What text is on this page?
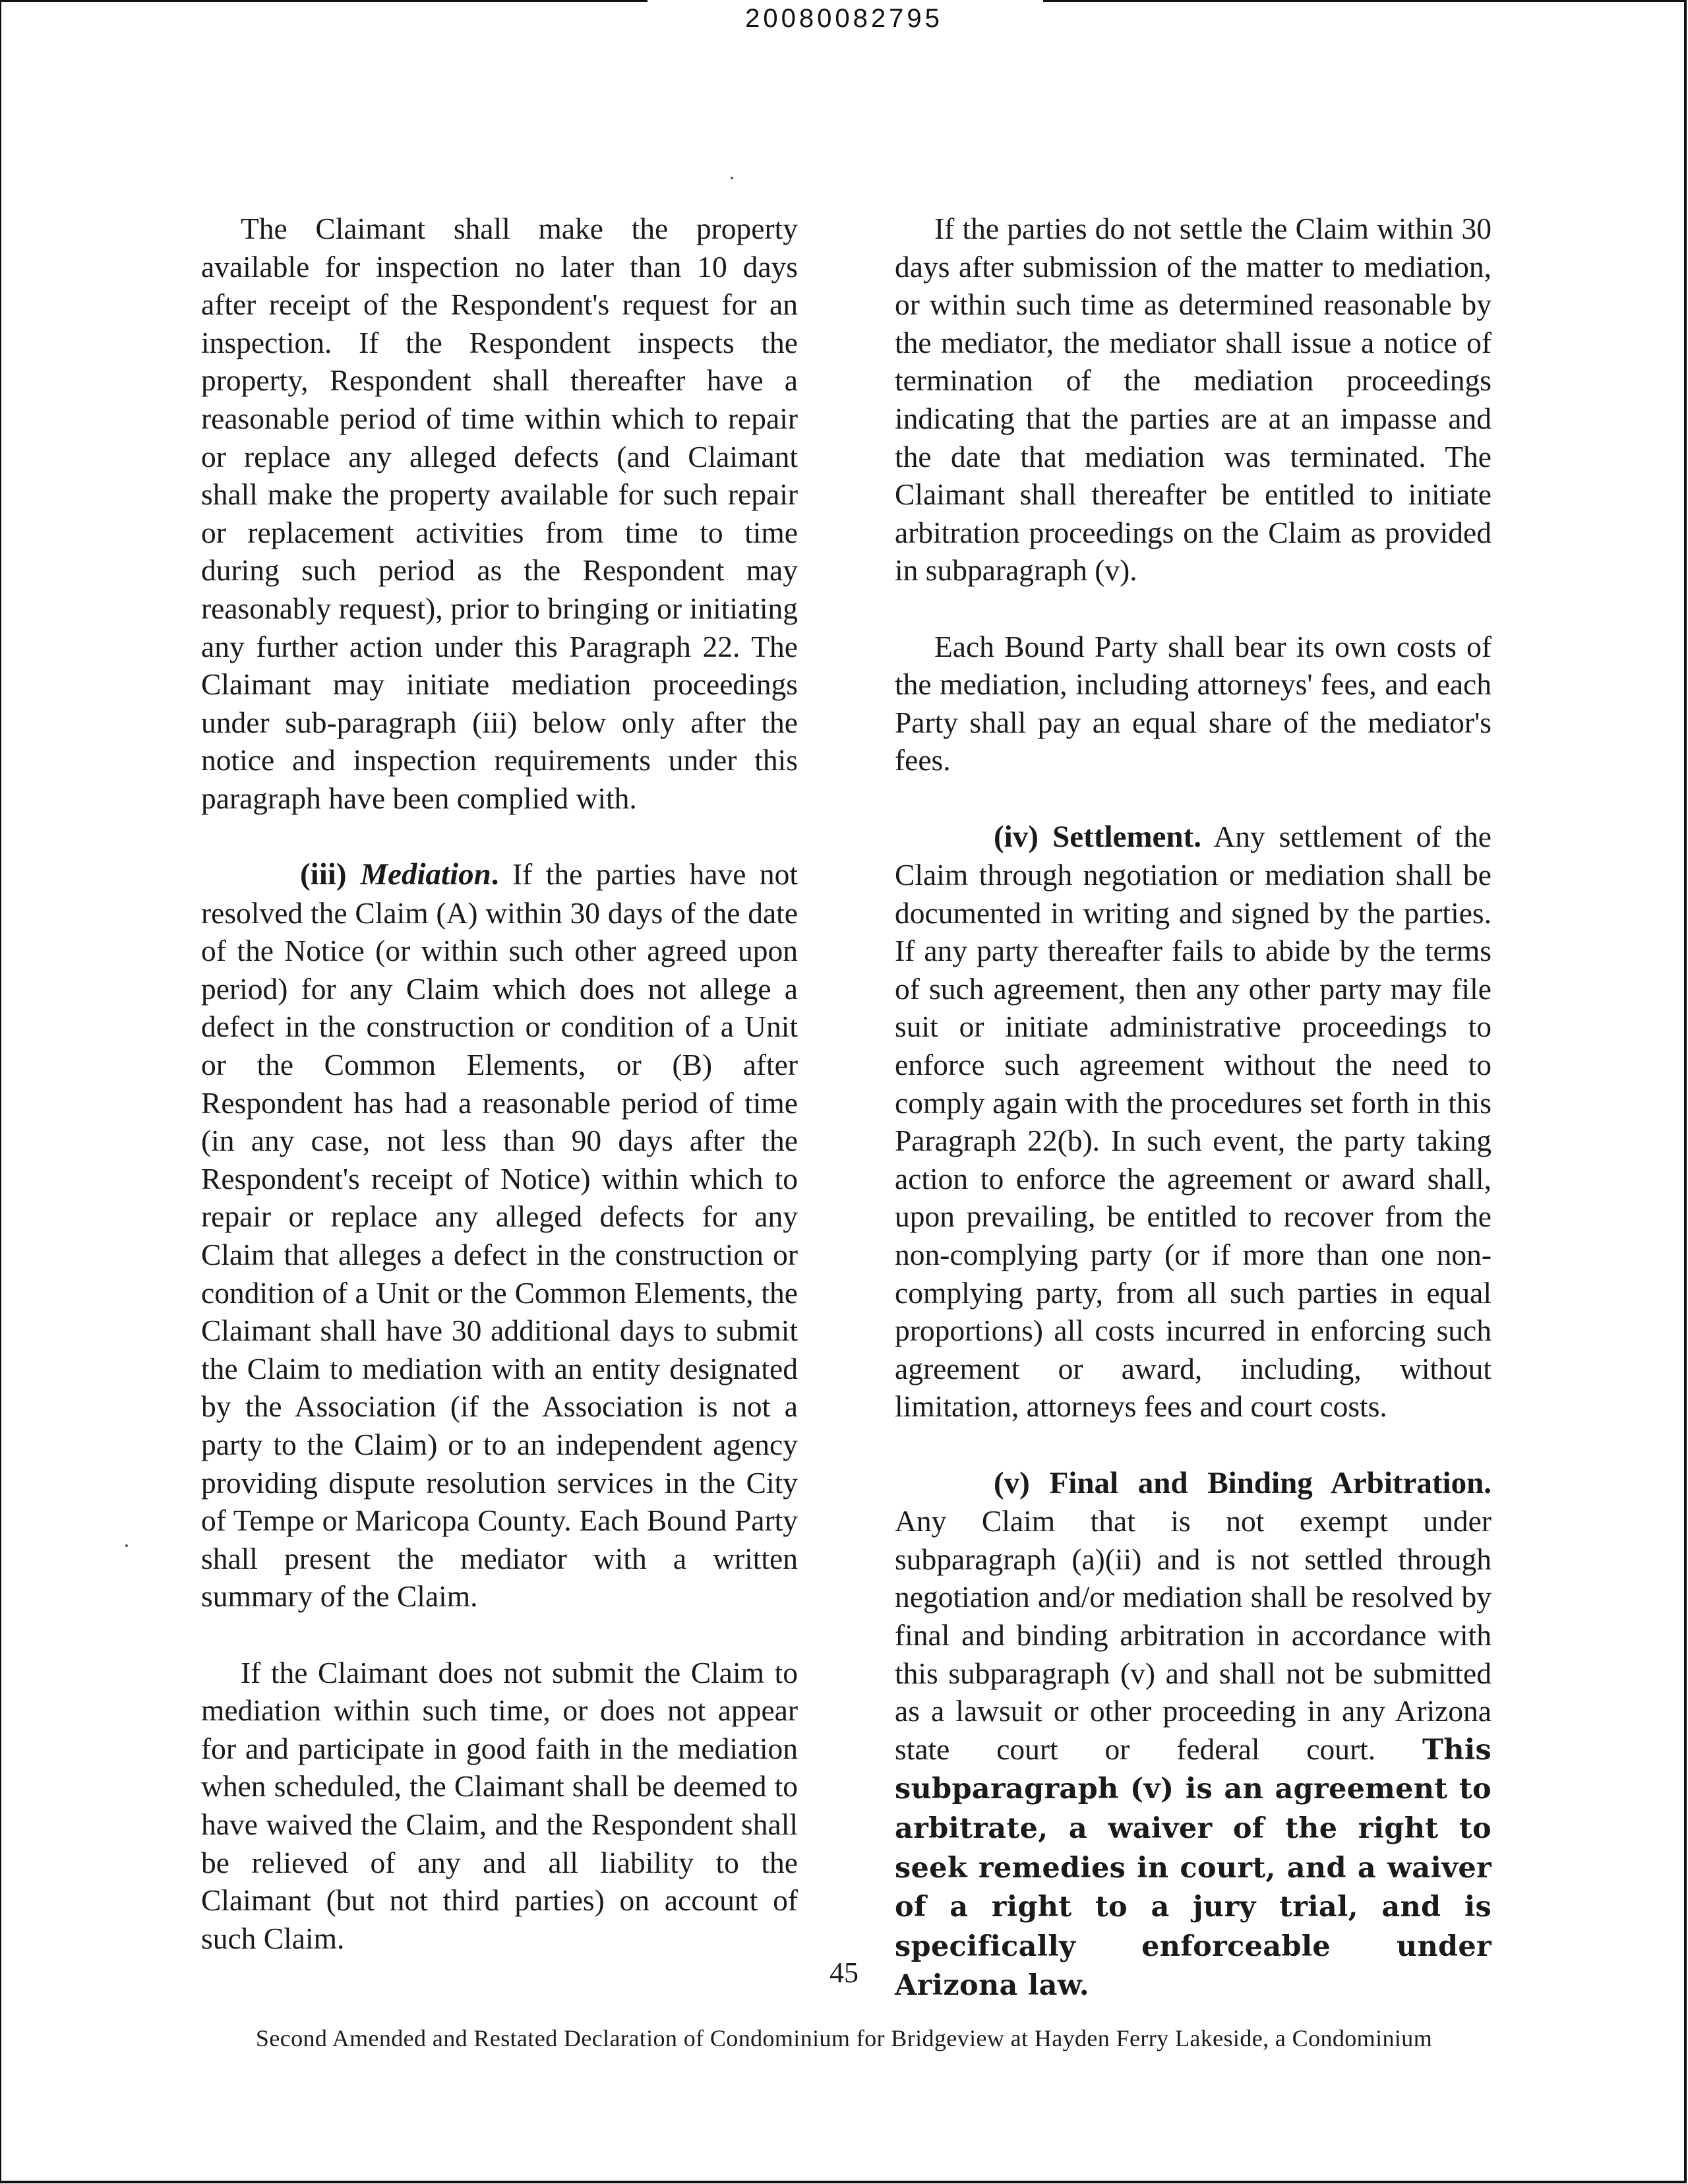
20080082795

The Claimant shall make the property available for inspection no later than 10 days after receipt of the Respondent's request for an inspection. If the Respondent inspects the property, Respondent shall thereafter have a reasonable period of time within which to repair or replace any alleged defects (and Claimant shall make the property available for such repair or replacement activities from time to time during such period as the Respondent may reasonably request), prior to bringing or initiating any further action under this Paragraph 22. The Claimant may initiate mediation proceedings under sub-paragraph (iii) below only after the notice and inspection requirements under this paragraph have been complied with.

(iii) Mediation. If the parties have not resolved the Claim (A) within 30 days of the date of the Notice (or within such other agreed upon period) for any Claim which does not allege a defect in the construction or condition of a Unit or the Common Elements, or (B) after Respondent has had a reasonable period of time (in any case, not less than 90 days after the Respondent's receipt of Notice) within which to repair or replace any alleged defects for any Claim that alleges a defect in the construction or condition of a Unit or the Common Elements, the Claimant shall have 30 additional days to submit the Claim to mediation with an entity designated by the Association (if the Association is not a party to the Claim) or to an independent agency providing dispute resolution services in the City of Tempe or Maricopa County. Each Bound Party shall present the mediator with a written summary of the Claim.

If the Claimant does not submit the Claim to mediation within such time, or does not appear for and participate in good faith in the mediation when scheduled, the Claimant shall be deemed to have waived the Claim, and the Respondent shall be relieved of any and all liability to the Claimant (but not third parties) on account of such Claim.

If the parties do not settle the Claim within 30 days after submission of the matter to mediation, or within such time as determined reasonable by the mediator, the mediator shall issue a notice of termination of the mediation proceedings indicating that the parties are at an impasse and the date that mediation was terminated. The Claimant shall thereafter be entitled to initiate arbitration proceedings on the Claim as provided in subparagraph (v).

Each Bound Party shall bear its own costs of the mediation, including attorneys' fees, and each Party shall pay an equal share of the mediator's fees.

(iv) Settlement. Any settlement of the Claim through negotiation or mediation shall be documented in writing and signed by the parties. If any party thereafter fails to abide by the terms of such agreement, then any other party may file suit or initiate administrative proceedings to enforce such agreement without the need to comply again with the procedures set forth in this Paragraph 22(b). In such event, the party taking action to enforce the agreement or award shall, upon prevailing, be entitled to recover from the non-complying party (or if more than one non-complying party, from all such parties in equal proportions) all costs incurred in enforcing such agreement or award, including, without limitation, attorneys fees and court costs.

(v) Final and Binding Arbitration. Any Claim that is not exempt under subparagraph (a)(ii) and is not settled through negotiation and/or mediation shall be resolved by final and binding arbitration in accordance with this subparagraph (v) and shall not be submitted as a lawsuit or other proceeding in any Arizona state court or federal court. This subparagraph (v) is an agreement to arbitrate, a waiver of the right to seek remedies in court, and a waiver of a right to a jury trial, and is specifically enforceable under Arizona law.

45
Second Amended and Restated Declaration of Condominium for Bridgeview at Hayden Ferry Lakeside, a Condominium
